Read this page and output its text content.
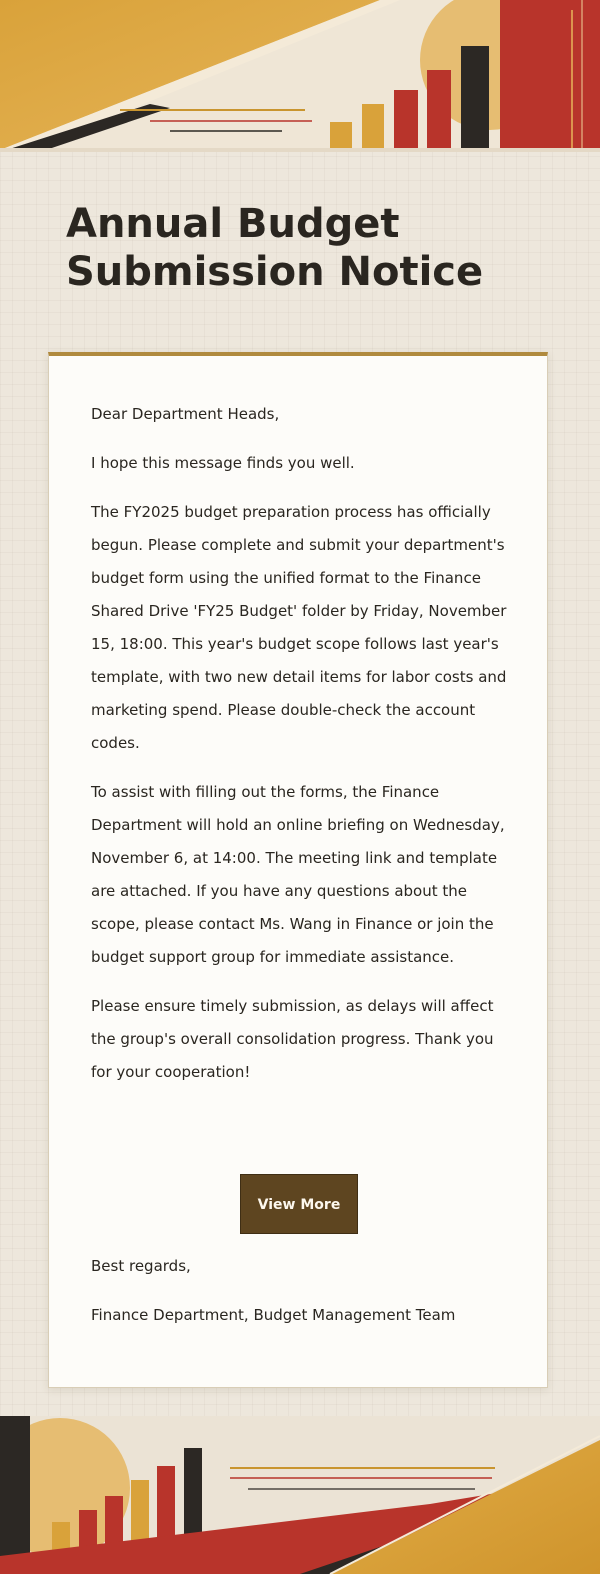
Annual Budget Submission Notice

Dear Department Heads,

I hope this message finds you well.

The FY2025 budget preparation process has officially begun. Please complete and submit your department's budget form using the unified format to the Finance Shared Drive 'FY25 Budget' folder by Friday, November 15, 18:00. This year's budget scope follows last year's template, with two new detail items for labor costs and marketing spend. Please double-check the account codes.

To assist with filling out the forms, the Finance Department will hold an online briefing on Wednesday, November 6, at 14:00. The meeting link and template are attached. If you have any questions about the scope, please contact Ms. Wang in Finance or join the budget support group for immediate assistance.

Please ensure timely submission, as delays will affect the group's overall consolidation progress. Thank you for your cooperation!

View More

Best regards,

Finance Department, Budget Management Team
